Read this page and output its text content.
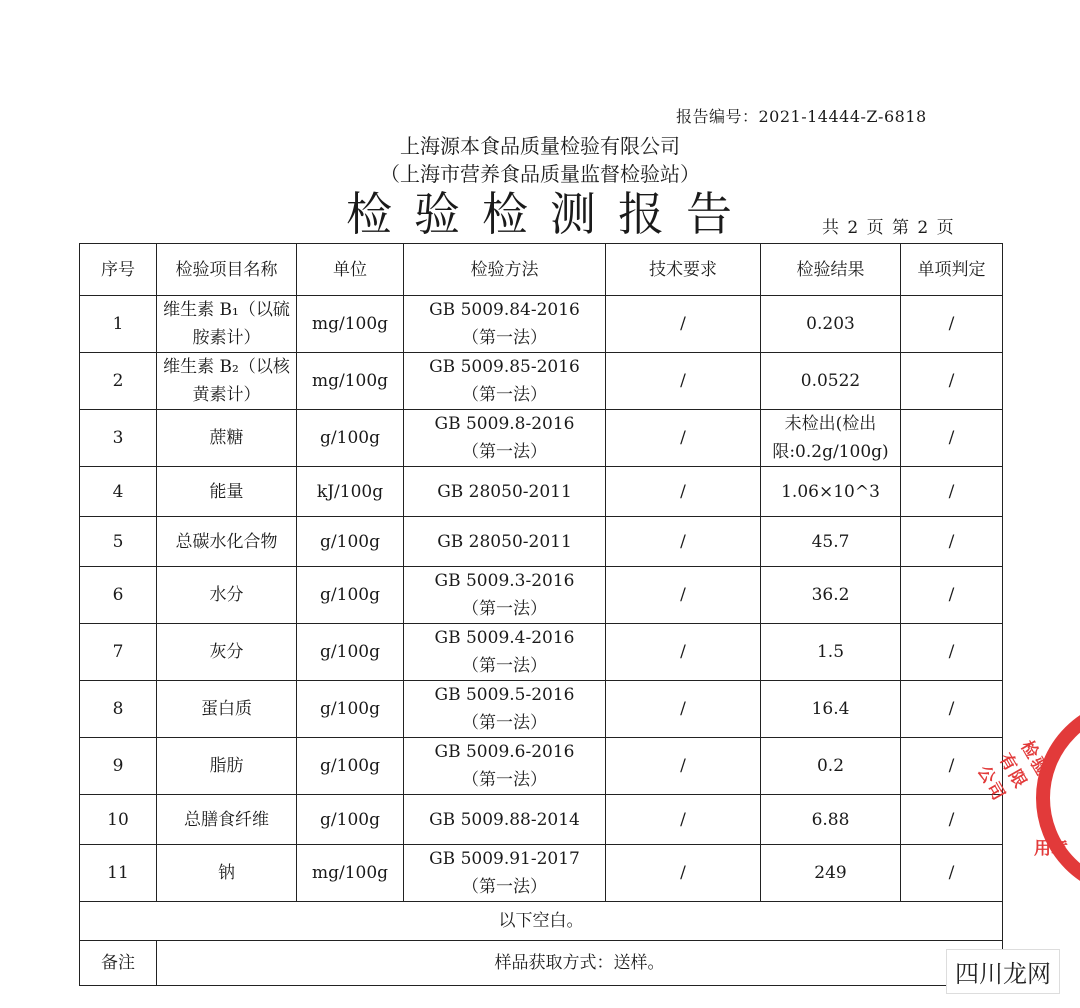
报告编号：2021-14444-Z-6818
上海源本食品质量检验有限公司
（上海市营养食品质量监督检验站）
检验检测报告	共 2 页 第 2 页
序号	检验项目名称	单位	检验方法	技术要求	检验结果	单项判定

1	维生素 B₁（以硫
胺素计）	mg/100g	GB 5009.84-2016
（第一法）	/	0.203	/

2	维生素 B₂（以核
黄素计）	mg/100g	GB 5009.85-2016
（第一法）	/	0.0522	/

3	蔗糖	g/100g	GB 5009.8-2016
（第一法）	/	未检出(检出
限:0.2g/100g)	/

4	能量	kJ/100g	GB 28050-2011	/	1.06×10^3	/

5	总碳水化合物	g/100g	GB 28050-2011	/	45.7	/

6	水分	g/100g	GB 5009.3-2016
（第一法）	/	36.2	/

7	灰分	g/100g	GB 5009.4-2016
（第一法）	/	1.5	/

8	蛋白质	g/100g	GB 5009.5-2016
（第一法）	/	16.4	/

9	脂肪	g/100g	GB 5009.6-2016
（第一法）	/	0.2	/

10	总膳食纤维	g/100g	GB 5009.88-2014	/	6.88	/

11	钠	mg/100g	GB 5009.91-2017
（第一法）	/	249	/

以下空白。						
备注	样品获取方式：送样。					
检验有限公司
用章
四川龙网
